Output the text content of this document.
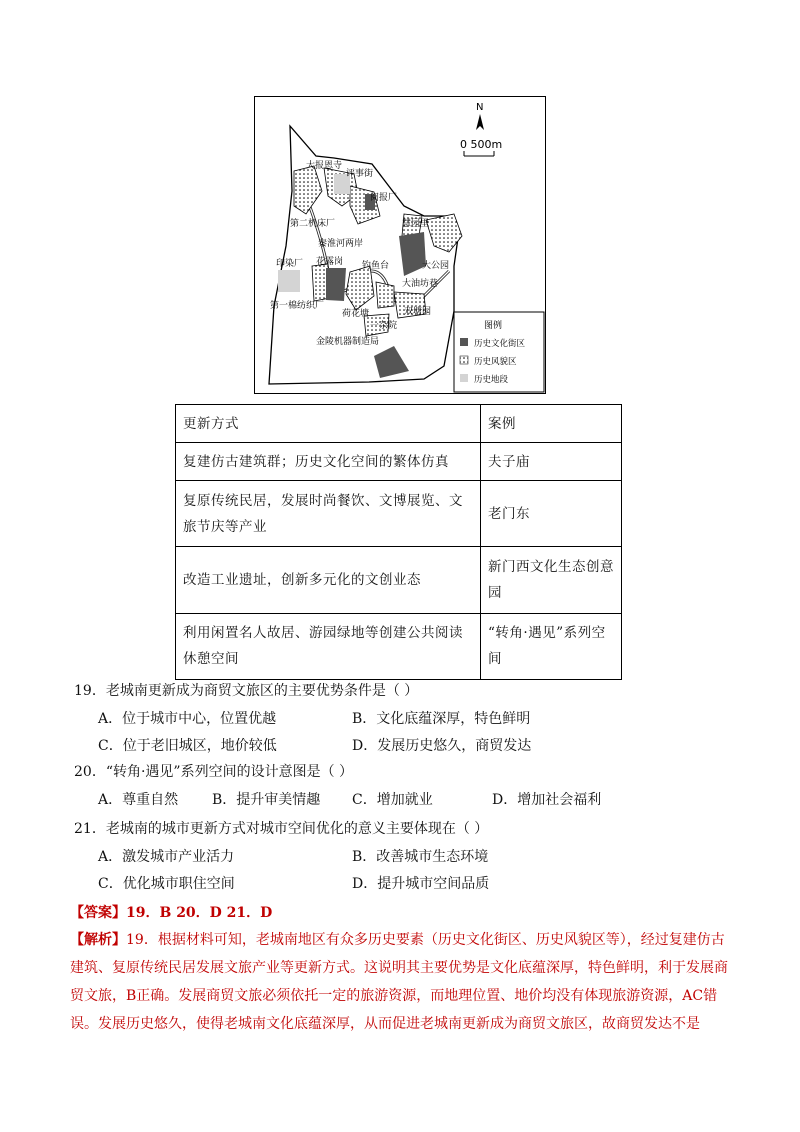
N
0 500m
大报恩寺
评事街
阅报厂
第二机床厂
秦淮河两岸
慧园里
印染厂 花露岗 钓鱼台
大油坊巷
大公园
第一棉纺织厂
荷花塘	双塘园
一杂院
金陵机器制造局
图例
历史文化街区
历史风貌区
历史地段
更新方式	案例
复建仿古建筑群；历史文化空间的繁体仿真	夫子庙
复原传统民居，发展时尚餐饮、文博展览、文旅节庆等产业	老门东
改造工业遗址，创新多元化的文创业态	新门西文化生态创意园
利用闲置名人故居、游园绿地等创建公共阅读休憩空间	“转角·遇见”系列空间
19．老城南更新成为商贸文旅区的主要优势条件是（ ）
A．位于城市中心，位置优越	B．文化底蕴深厚，特色鲜明
C．位于老旧城区，地价较低	D．发展历史悠久，商贸发达
20．“转角·遇见”系列空间的设计意图是（ ）
A．尊重自然 B．提升审美情趣 C．增加就业	D．增加社会福利
21．老城南的城市更新方式对城市空间优化的意义主要体现在（ ）
A．激发城市产业活力	B．改善城市生态环境
C．优化城市职住空间	D．提升城市空间品质
【答案】19．B 20．D 21．D
【解析】19．根据材料可知，老城南地区有众多历史要素（历史文化街区、历史风貌区等），经过复建仿古建筑、复原传统民居发展文旅产业等更新方式。这说明其主要优势是文化底蕴深厚，特色鲜明，利于发展商贸文旅，B正确。发展商贸文旅必须依托一定的旅游资源，而地理位置、地价均没有体现旅游资源，AC错误。发展历史悠久，使得老城南文化底蕴深厚，从而促进老城南更新成为商贸文旅区，故商贸发达不是
